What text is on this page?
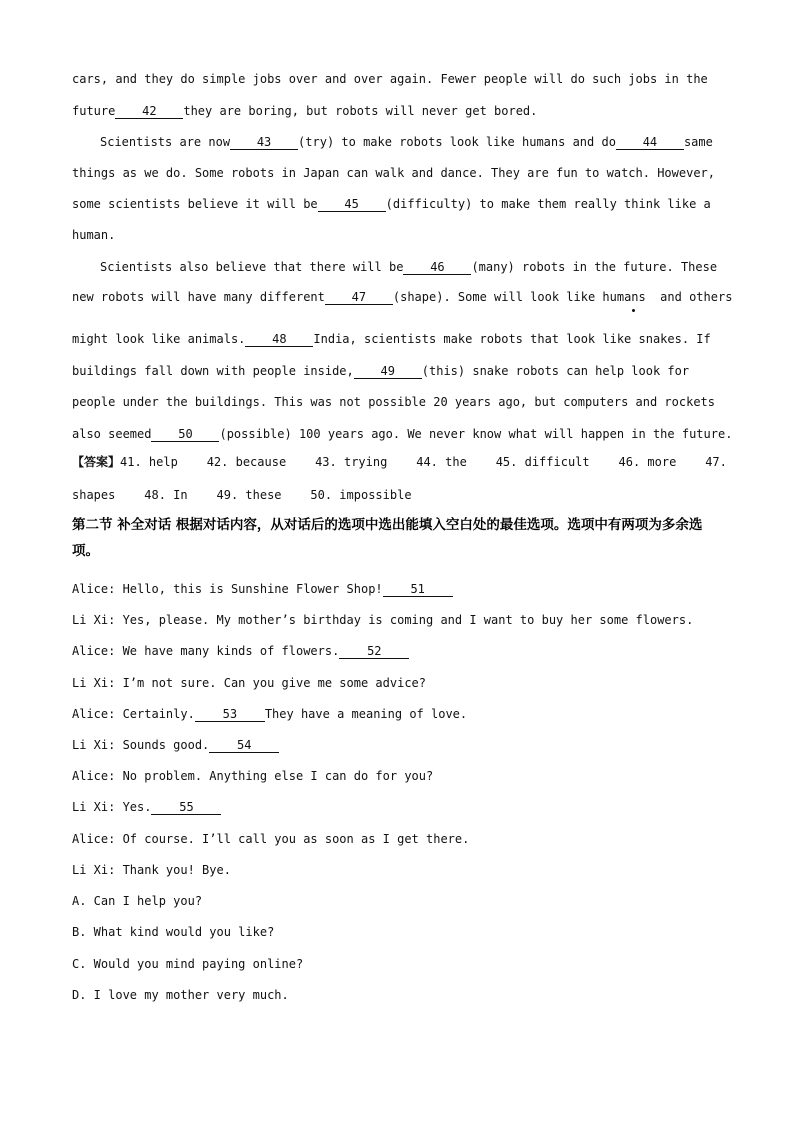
cars, and they do simple jobs over and over again. Fewer people will do such jobs in the
future 42 they are boring, but robots will never get bored.
Scientists are now 43 (try) to make robots look like humans and do 44 same
things as we do. Some robots in Japan can walk and dance. They are fun to watch. However,
some scientists believe it will be 45 (difficulty) to make them really think like a
human.
Scientists also believe that there will be 46 (many) robots in the future. These
new robots will have many different 47 (shape). Some will look like humans  and others
might look like animals. 48 India, scientists make robots that look like snakes. If
buildings fall down with people inside, 49 (this) snake robots can help look for
people under the buildings. This was not possible 20 years ago, but computers and rockets
also seemed 50 (possible) 100 years ago. We never know what will happen in the future.
【答案】41. help    42. because    43. trying    44. the    45. difficult    46. more    47.
shapes    48. In    49. these    50. impossible
第二节 补全对话 根据对话内容，从对话后的选项中选出能填入空白处的最佳选项。选项中有两项为多余选项。
Alice: Hello, this is Sunshine Flower Shop! 51
Li Xi: Yes, please. My mother’s birthday is coming and I want to buy her some flowers.
Alice: We have many kinds of flowers. 52
Li Xi: I’m not sure. Can you give me some advice?
Alice: Certainly. 53 They have a meaning of love.
Li Xi: Sounds good. 54
Alice: No problem. Anything else I can do for you?
Li Xi: Yes. 55
Alice: Of course. I’ll call you as soon as I get there.
Li Xi: Thank you! Bye.
A. Can I help you?
B. What kind would you like?
C. Would you mind paying online?
D. I love my mother very much.
